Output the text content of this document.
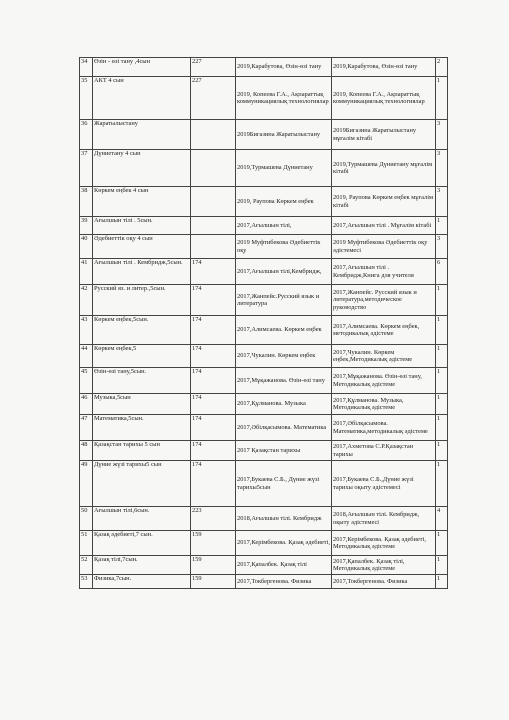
34	Өзін - өзі тану ,4сын	227	2019,Карабутова, Өзін-өзі тану	2019,Карабутова, Өзін-өзі тану	2
35	АКТ 4 сын	227	2019, Копеева Г.А., Ақпараттық коммуникациялық технологиялар	2019, Копеева Г.А., Ақпараттық коммуникациялық технологиялар	1
36	Жаратылыстану		2019Бигазина Жаратылыстану	2019Бигазина Жаратылыстану мұғалім кітабі	3
37	Дүниетану 4 сын		2019,Турмашева Дүниетану	2019,Турмашева Дүниетану мұғалім кітабі	3
38	Көркем еңбек 4 сын		2019, Раупова Көркем еңбек	2019, Раупова Көркем еңбек мұғалім кітабі	3
39	Ағылшын тілі . 5сын.		2017,Ағылшын тілі,	2017,Ағылшын тілі . Мұғалім кітабі	1
40	Әдебиеттік оқу 4 сын		2019 Муфтибекова Әдебиеттік оқу	2019 Муфтибекова Әдебиеттік оқу әдістемесі	3
41	Ағылшын тілі . Кембридж,5сын.	174	2017,Ағылшын тілі,Кембридж,	2017,Ағылшын тілі . Кембридж,Книга для учителя	6
42	Русский яз. и литер.,5сын.	174	2017,Жанпейс.Русский язык и литература	2017,Жанпейс. Русский язык и литература,методическое руководство	1
43	Көркем еңбек,5сын.	174	2017,Алимсаева. Көркем еңбек	2017,Алимсаева. Көркем еңбек, методикалық әдістеме	1
44	Көркем еңбек,5	174	2017,Чукалин. Көркем еңбек	2017,Чукалин. Көркем еңбек,Методикалық әдістеме	1
45	Өзін-өзі тану,5сын.	174	2017,Мұқажанова. Өзін-өзі тану	2017,Мұқажанова. Өзін-өзі тану, Методикалық әдістеме	1
46	Музыка,5сын	174	2017,Құлманова. Музыка	2017,Құлманова. Музыка, Методикалық әдістеме	1
47	Математика,5сын.	174	2017,Әбілқасымова. Математика	2017,Әбілқасымова. Математика,методикалық әдістеме	1
48	Қазақстан тарихы 5 сын	174	2017 Қазақстан тарихы	2017,Ахметова С.Р.Қазақстан тарихы	1
49	Дүние жүзі тарихы5 сын	174	2017,Букаева С.Б., Дүние жүзі тарихы5сын	2017,Букаева С.Б.,Дүние жүзі тарихы оқыту әдістемесі	1
50	Ағылшын тілі,6сын.	223	2018,Ағылшын тілі. Кембридж	2018,Ағылшын тілі. Кембридж, оқыту әдістемесі	4
51	Қазақ әдебиеті,7 сын.	159	2017,Керімбекова. Қазақ әдебиеті,	2017,Керімбекова. Қазақ әдебиеті, Методикалық әдістеме	1
52	Қазақ тілі,7сын.	159	2017,Қапалбек. Қазақ тілі	2017,Қапалбек. Қазақ тілі, Методикалық әдістеме	1
53	Физика,7сын.	159	2017,Токбергенова. Физика	2017,Токбергенова. Физика	1
